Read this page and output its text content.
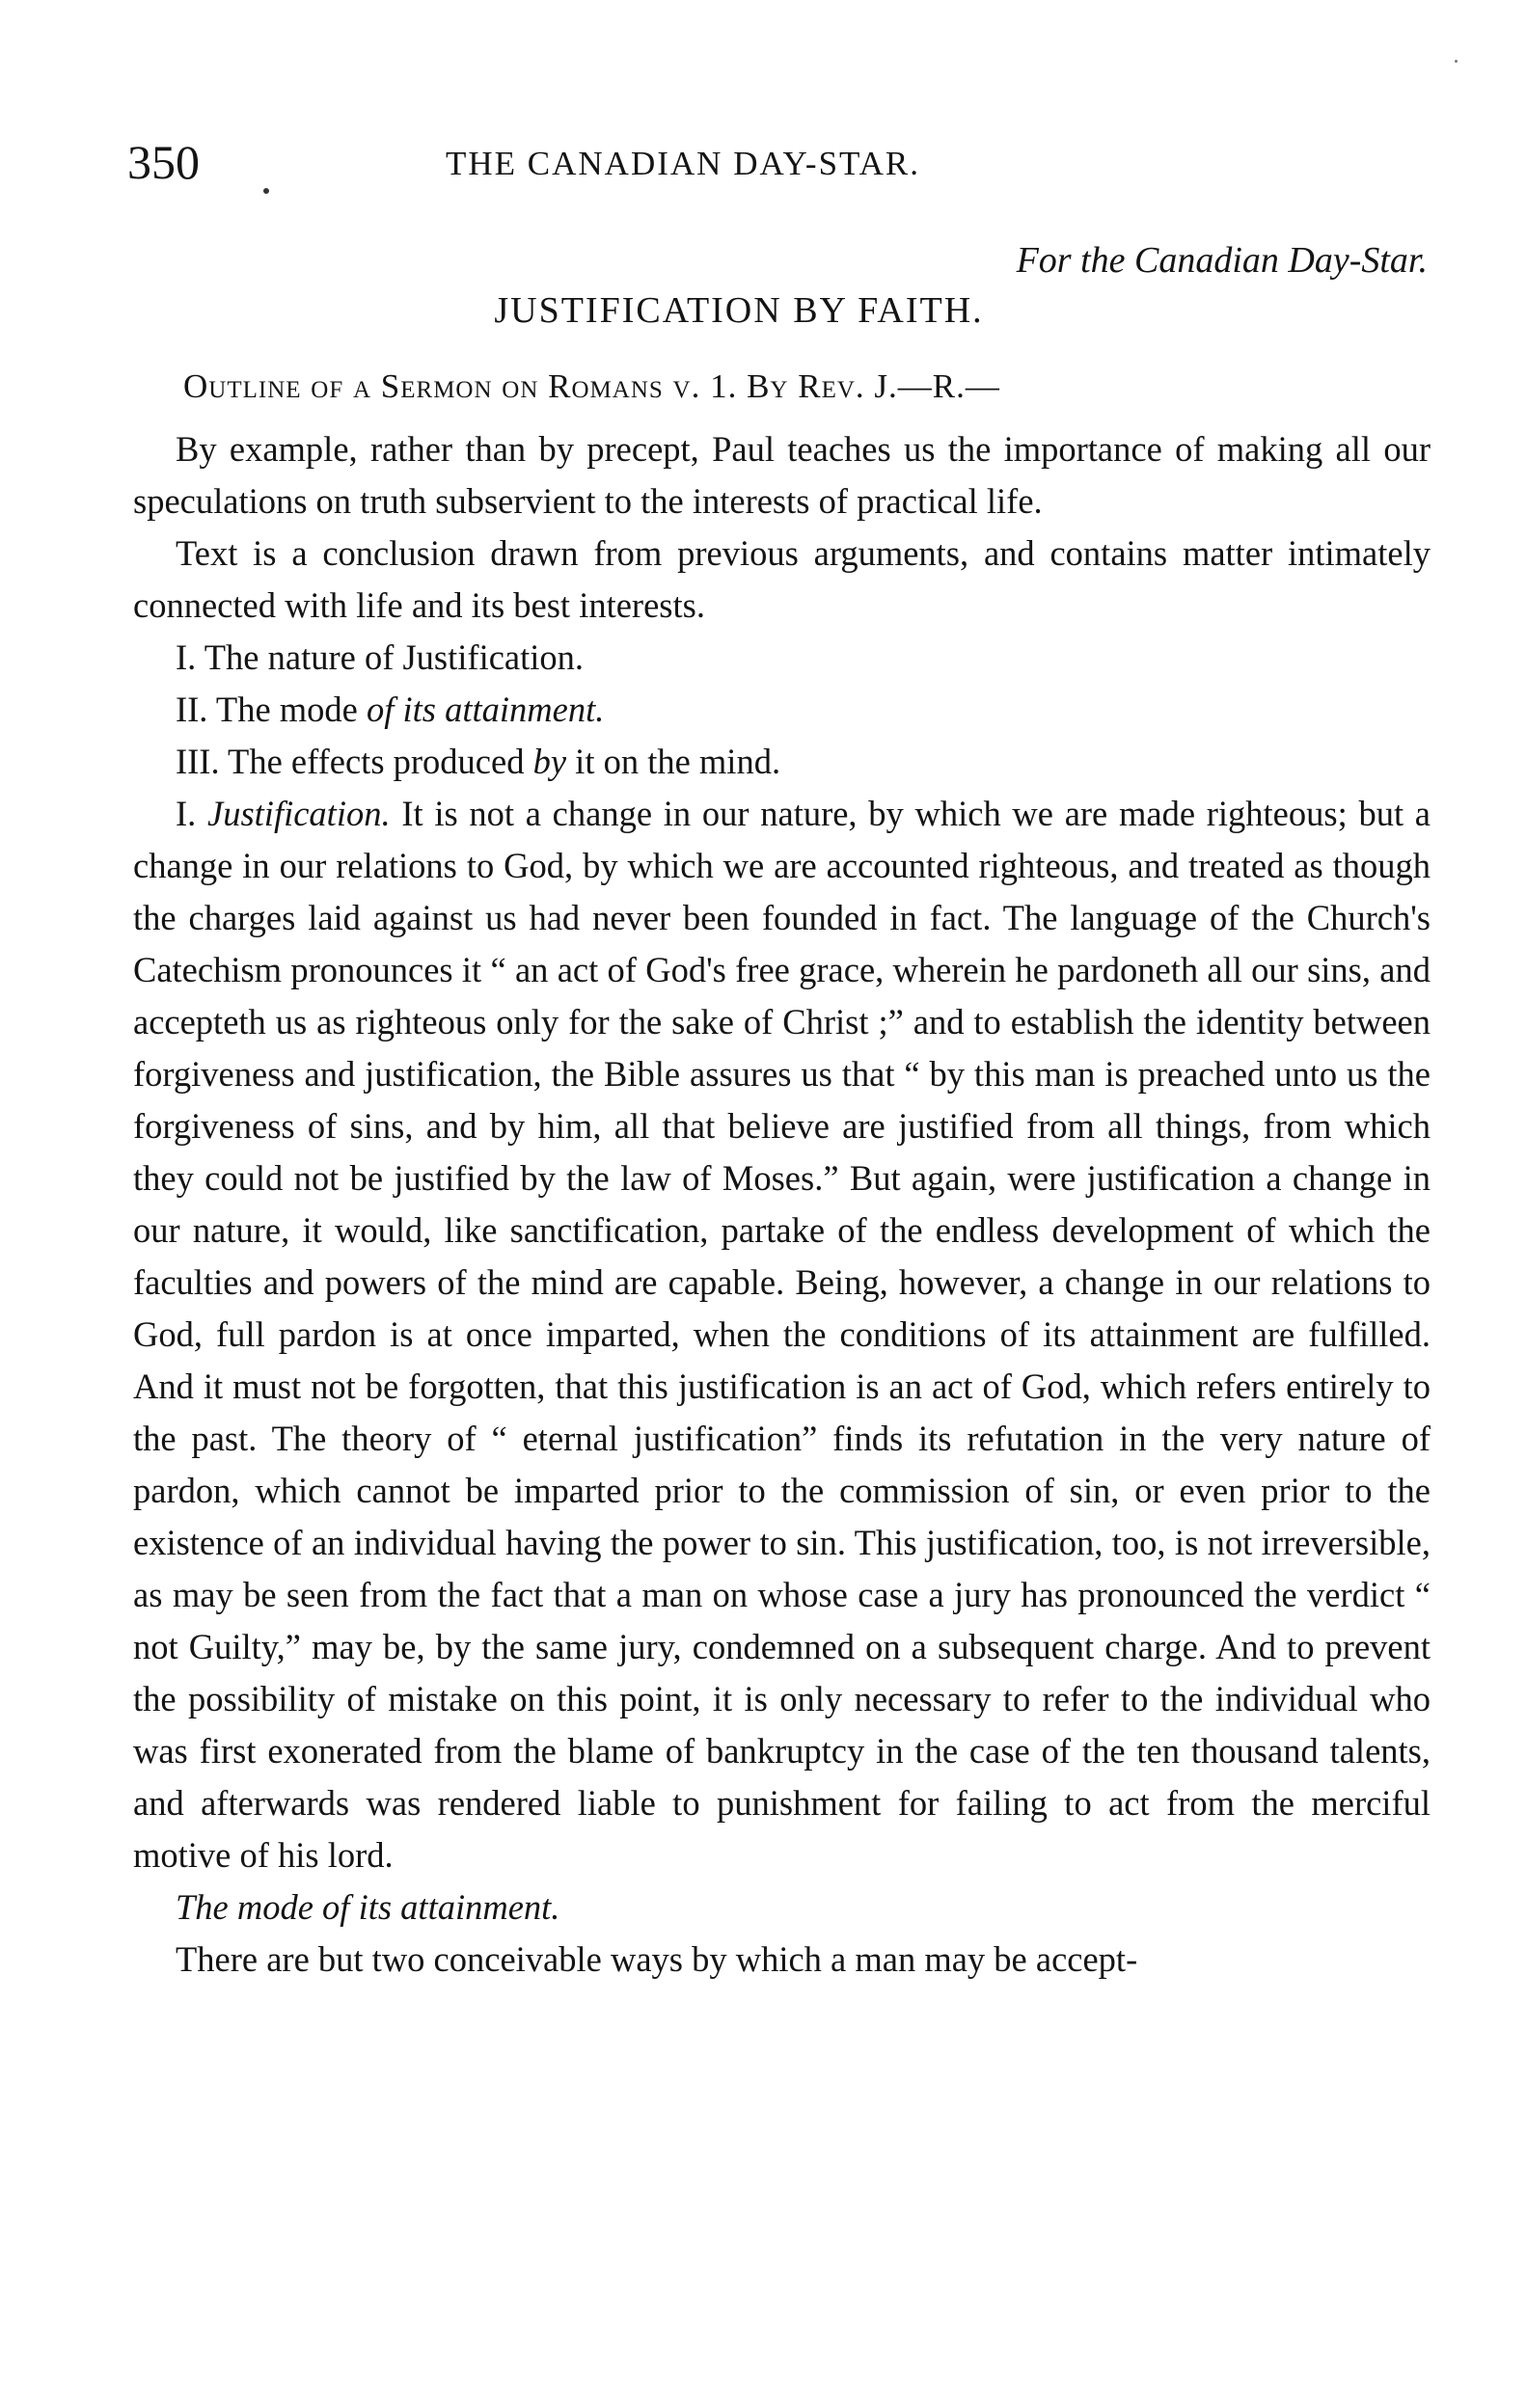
350	THE CANADIAN DAY-STAR.
For the Canadian Day-Star.
JUSTIFICATION BY FAITH.
Outline of a Sermon on Romans v. 1. By Rev. J.—R.—

By example, rather than by precept, Paul teaches us the importance of making all our speculations on truth subservient to the interests of practical life.

Text is a conclusion drawn from previous arguments, and contains matter intimately connected with life and its best interests.

I. The nature of Justification.

II. The mode of its attainment.

III. The effects produced by it on the mind.

I. Justification. It is not a change in our nature, by which we are made righteous; but a change in our relations to God, by which we are accounted righteous, and treated as though the charges laid against us had never been founded in fact. The language of the Church's Catechism pronounces it “ an act of God's free grace, wherein he pardoneth all our sins, and accepteth us as righteous only for the sake of Christ ;” and to establish the identity between forgiveness and justification, the Bible assures us that “ by this man is preached unto us the forgiveness of sins, and by him, all that believe are justified from all things, from which they could not be justified by the law of Moses.” But again, were justification a change in our nature, it would, like sanctification, partake of the endless development of which the faculties and powers of the mind are capable. Being, however, a change in our relations to God, full pardon is at once imparted, when the conditions of its attainment are fulfilled. And it must not be forgotten, that this justification is an act of God, which refers entirely to the past. The theory of “ eternal justification” finds its refutation in the very nature of pardon, which cannot be imparted prior to the commission of sin, or even prior to the existence of an individual having the power to sin. This justification, too, is not irreversible, as may be seen from the fact that a man on whose case a jury has pronounced the verdict “ not Guilty,” may be, by the same jury, condemned on a subsequent charge. And to prevent the possibility of mistake on this point, it is only necessary to refer to the individual who was first exonerated from the blame of bankruptcy in the case of the ten thousand talents, and afterwards was rendered liable to punishment for failing to act from the merciful motive of his lord.

The mode of its attainment.

There are but two conceivable ways by which a man may be accept-
